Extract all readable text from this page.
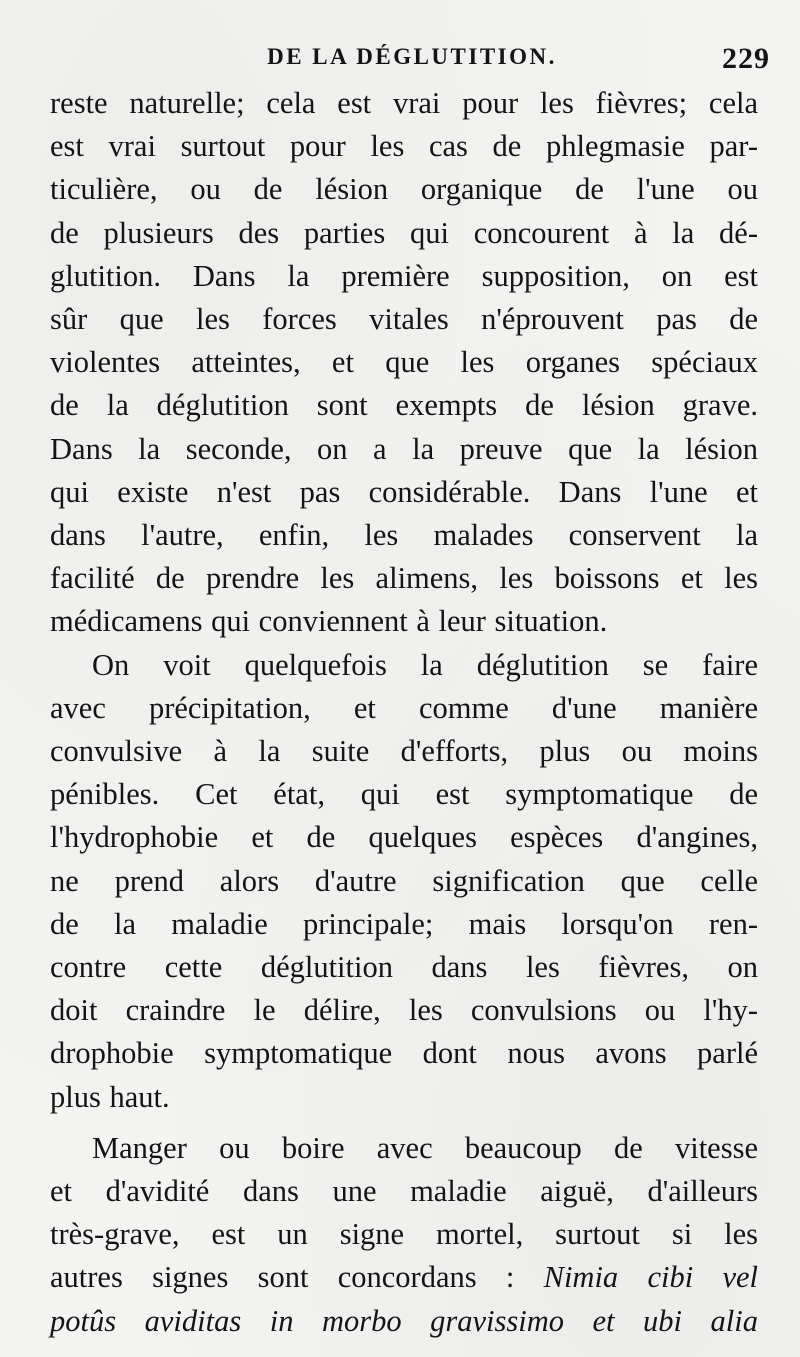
DE LA DÉGLUTITION.	229

reste naturelle; cela est vrai pour les fièvres; cela

est vrai surtout pour les cas de phlegmasie par-

ticulière, ou de lésion organique de l'une ou

de plusieurs des parties qui concourent à la dé-

glutition. Dans la première supposition, on est

sûr que les forces vitales n'éprouvent pas de

violentes atteintes, et que les organes spéciaux

de la déglutition sont exempts de lésion grave.

Dans la seconde, on a la preuve que la lésion

qui existe n'est pas considérable. Dans l'une et

dans l'autre, enfin, les malades conservent la

facilité de prendre les alimens, les boissons et les

médicamens qui conviennent à leur situation.

On voit quelquefois la déglutition se faire

avec précipitation, et comme d'une manière

convulsive à la suite d'efforts, plus ou moins

pénibles. Cet état, qui est symptomatique de

l'hydrophobie et de quelques espèces d'angines,

ne prend alors d'autre signification que celle

de la maladie principale; mais lorsqu'on ren-

contre cette déglutition dans les fièvres, on

doit craindre le délire, les convulsions ou l'hy-

drophobie symptomatique dont nous avons parlé

plus haut.

Manger ou boire avec beaucoup de vitesse

et d'avidité dans une maladie aiguë, d'ailleurs

très-grave, est un signe mortel, surtout si les

autres signes sont concordans : Nimia cibi vel

potûs aviditas in morbo gravissimo et ubi alia
